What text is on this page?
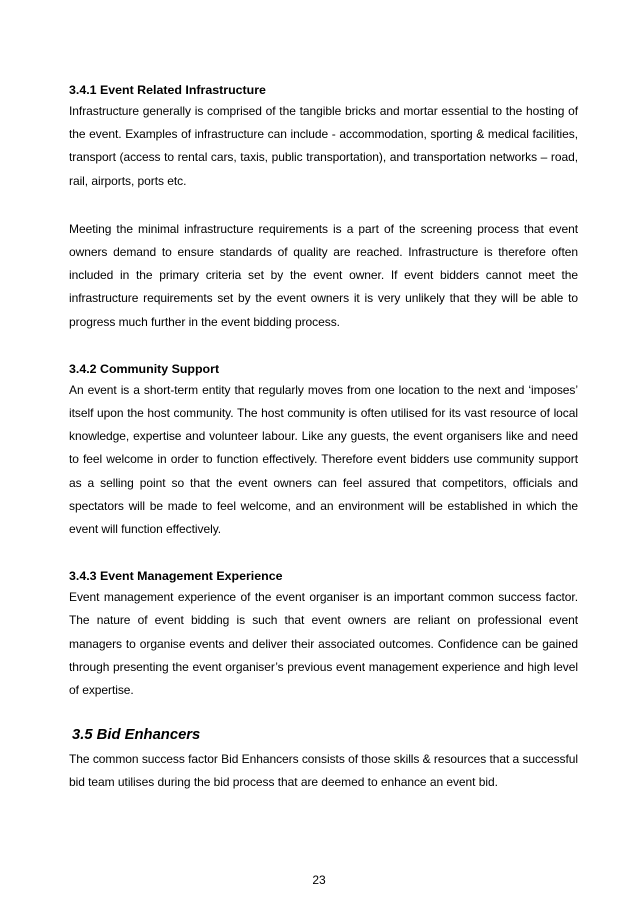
3.4.1 Event Related Infrastructure

Infrastructure generally is comprised of the tangible bricks and mortar essential to the hosting of the event. Examples of infrastructure can include - accommodation, sporting & medical facilities, transport (access to rental cars, taxis, public transportation), and transportation networks – road, rail, airports, ports etc.

Meeting the minimal infrastructure requirements is a part of the screening process that event owners demand to ensure standards of quality are reached. Infrastructure is therefore often included in the primary criteria set by the event owner. If event bidders cannot meet the infrastructure requirements set by the event owners it is very unlikely that they will be able to progress much further in the event bidding process.

3.4.2 Community Support

An event is a short-term entity that regularly moves from one location to the next and ‘imposes’ itself upon the host community. The host community is often utilised for its vast resource of local knowledge, expertise and volunteer labour. Like any guests, the event organisers like and need to feel welcome in order to function effectively. Therefore event bidders use community support as a selling point so that the event owners can feel assured that competitors, officials and spectators will be made to feel welcome, and an environment will be established in which the event will function effectively.

3.4.3 Event Management Experience

Event management experience of the event organiser is an important common success factor. The nature of event bidding is such that event owners are reliant on professional event managers to organise events and deliver their associated outcomes. Confidence can be gained through presenting the event organiser’s previous event management experience and high level of expertise.

3.5 Bid Enhancers

The common success factor Bid Enhancers consists of those skills & resources that a successful bid team utilises during the bid process that are deemed to enhance an event bid.

23
